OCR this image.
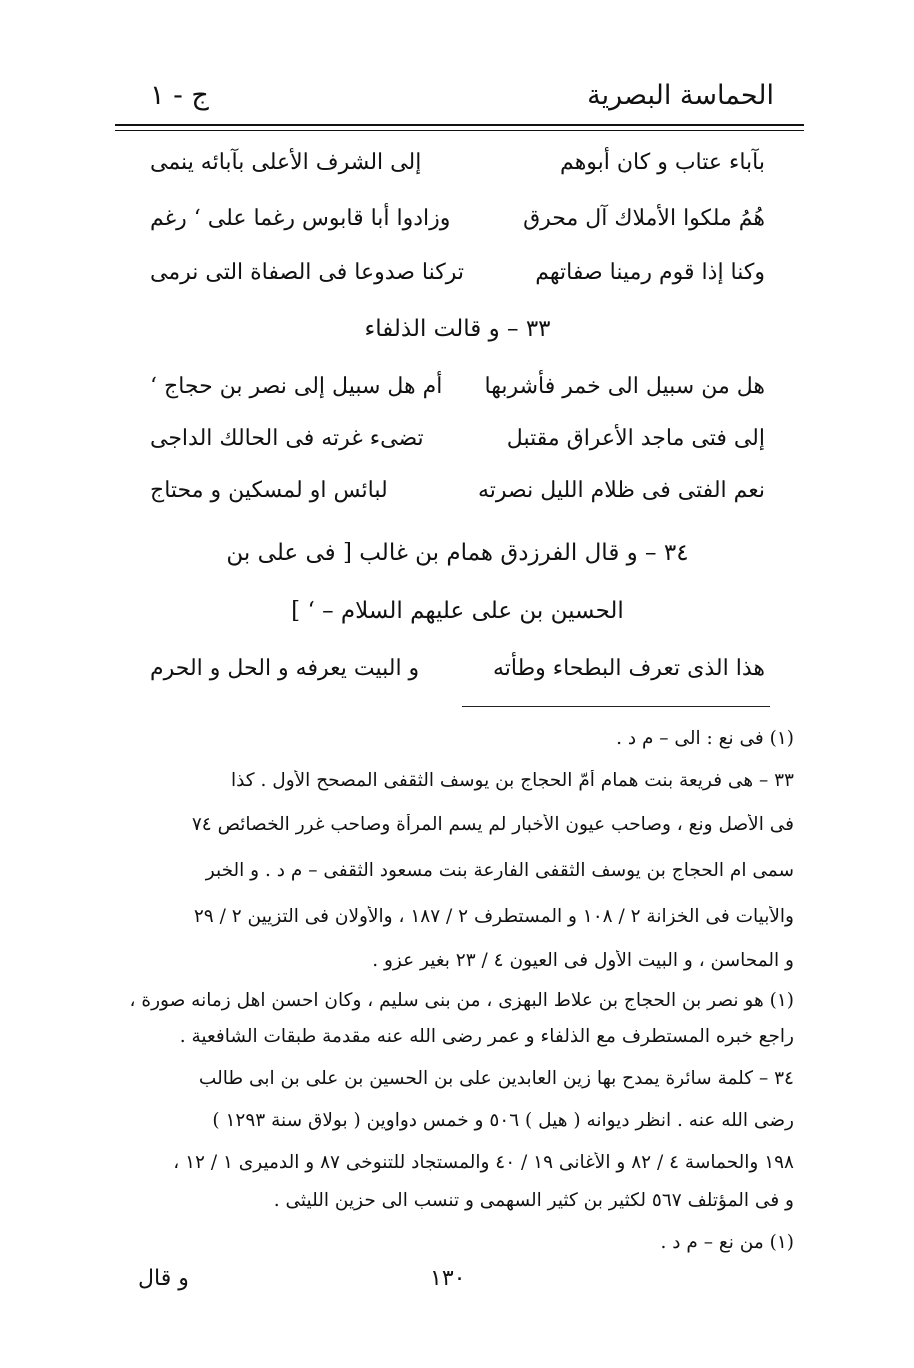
الحماسة البصرية
ج - ١
بآباء عتاب و كان أبوهم
إلى الشرف الأعلى بآبائه ينمى
هُمُ ملكوا الأملاك آل محرق
وزادوا أبا قابوس رغما على ‘ رغم
وكنا إذا قوم رمينا صفاتهم
تركنا صدوعا فى الصفاة التى نرمى
٣٣ – و قالت الذلفاء
هل من سبيل الى خمر فأشربها
أم هل سبيل إلى نصر بن حجاج ‘
إلى فتى ماجد الأعراق مقتبل
تضىء غرته فى الحالك الداجى
نعم الفتى فى ظلام الليل نصرته
لبائس او لمسكين و محتاج
٣٤ – و قال الفرزدق همام بن غالب [ فى على بن
الحسين بن على عليهم السلام – ‘ ]
هذا الذى تعرف البطحاء وطأته
و البيت يعرفه و الحل و الحرم
(١) فى نع : الى – م د .
٣٣ – هى فريعة بنت همام أمّ الحجاج بن يوسف الثقفى المصحح الأول . كذا
فى الأصل ونع ، وصاحب عيون الأخبار لم يسم المرأة وصاحب غرر الخصائص ٧٤
سمى ام الحجاج بن يوسف الثقفى الفارعة بنت مسعود الثقفى – م د . و الخبر
والأبيات فى الخزانة ٢ / ١٠٨ و المستطرف ٢ / ١٨٧ ، والأولان فى التزيين ٢ / ٢٩
و المحاسن ، و البيت الأول فى العيون ٤ / ٢٣ بغير عزو .
(١) هو نصر بن الحجاج بن علاط البهزى ، من بنى سليم ، وكان احسن اهل زمانه صورة ،
راجع خبره المستطرف مع الذلفاء و عمر رضى الله عنه مقدمة طبقات الشافعية .
٣٤ – كلمة سائرة يمدح بها زين العابدين على بن الحسين بن على بن ابى طالب
رضى الله عنه . انظر ديوانه ( هيل ) ٥٠٦ و خمس دواوين ( بولاق سنة ١٢٩٣ )
١٩٨ والحماسة ٤ / ٨٢ و الأغانى ١٩ / ٤٠ والمستجاد للتنوخى ٨٧ و الدميرى ١ / ١٢ ،
و فى المؤتلف ٥٦٧ لكثير بن كثير السهمى و تنسب الى حزين الليثى .
(١) من نع – م د .
١٣٠
و قال
